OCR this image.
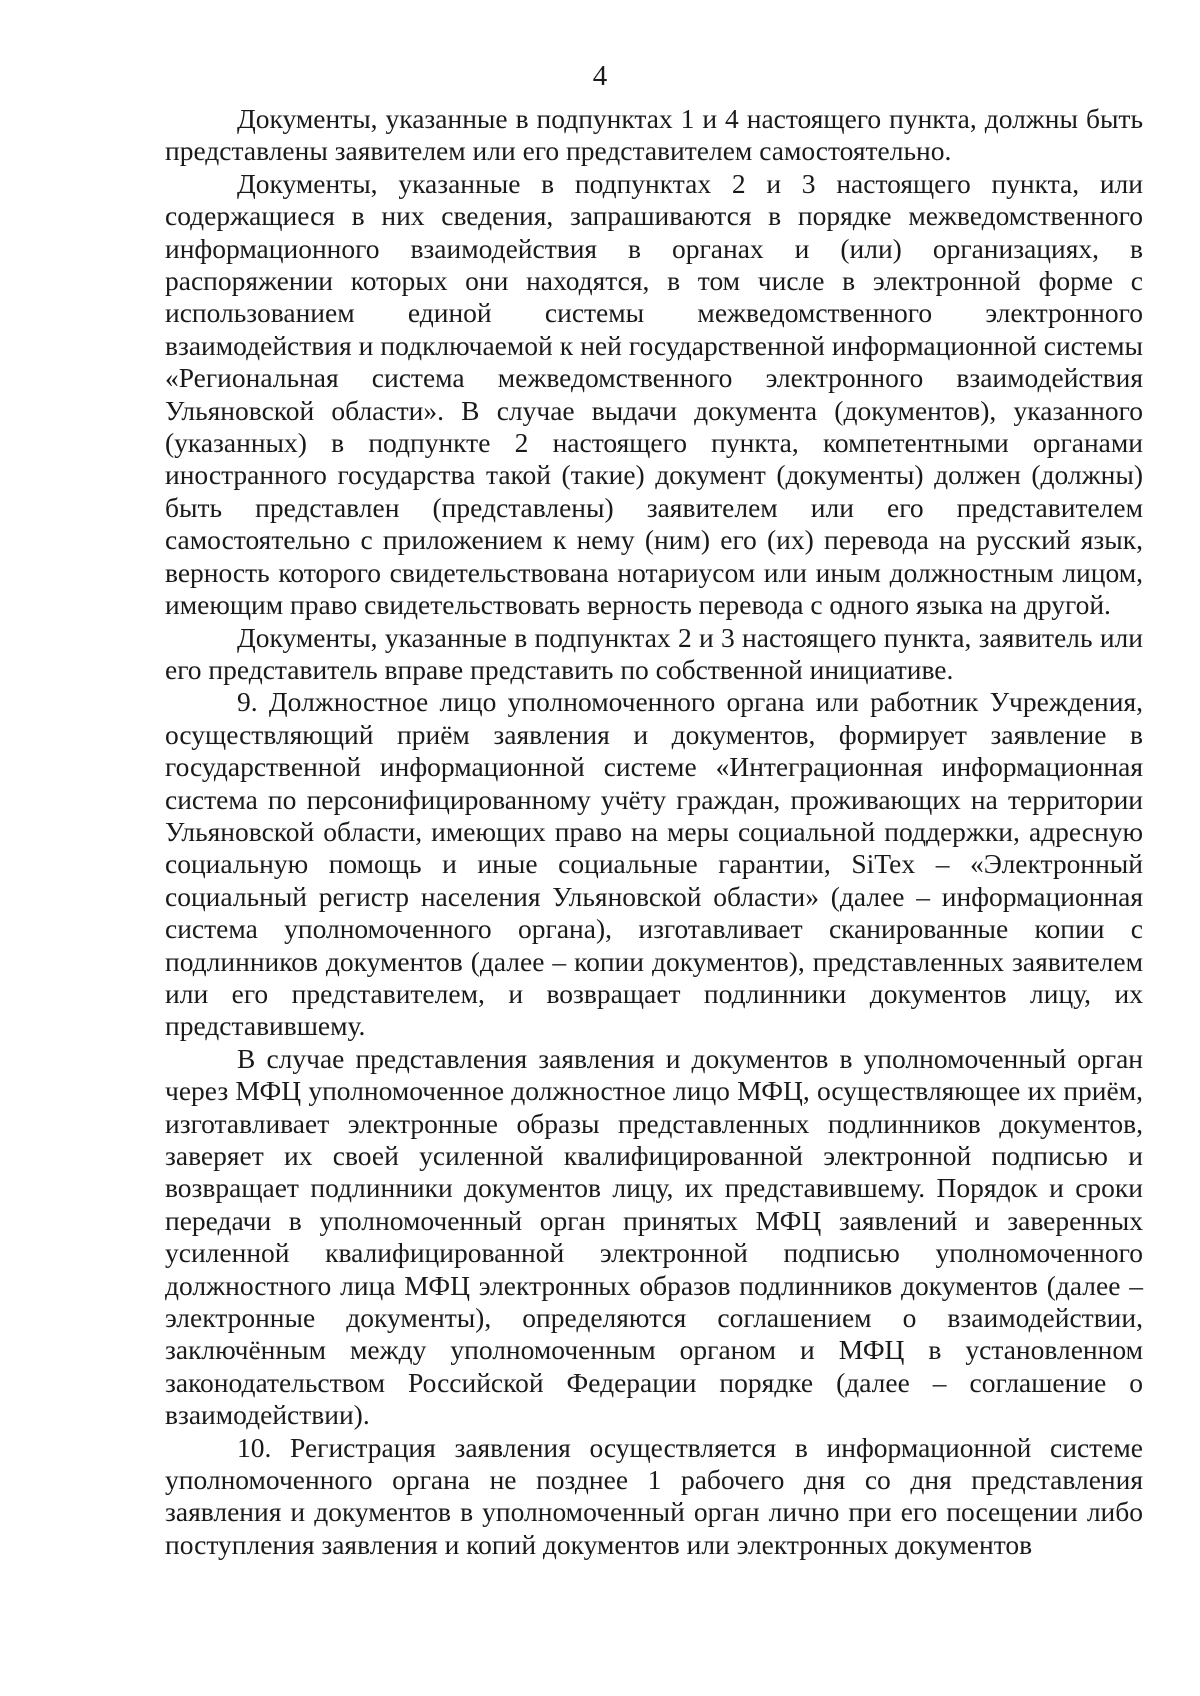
4

Документы, указанные в подпунктах 1 и 4 настоящего пункта, должны быть представлены заявителем или его представителем самостоятельно.

Документы, указанные в подпунктах 2 и 3 настоящего пункта, или содержащиеся в них сведения, запрашиваются в порядке межведомственного информационного взаимодействия в органах и (или) организациях, в распоряжении которых они находятся, в том числе в электронной форме с использованием единой системы межведомственного электронного взаимодействия и подключаемой к ней государственной информационной системы «Региональная система межведомственного электронного взаимодействия Ульяновской области». В случае выдачи документа (документов), указанного (указанных) в подпункте 2 настоящего пункта, компетентными органами иностранного государства такой (такие) документ (документы) должен (должны) быть представлен (представлены) заявителем или его представителем самостоятельно с приложением к нему (ним) его (их) перевода на русский язык, верность которого свидетельствована нотариусом или иным должностным лицом, имеющим право свидетельствовать верность перевода с одного языка на другой.

Документы, указанные в подпунктах 2 и 3 настоящего пункта, заявитель или его представитель вправе представить по собственной инициативе.

9. Должностное лицо уполномоченного органа или работник Учреждения, осуществляющий приём заявления и документов, формирует заявление в государственной информационной системе «Интеграционная информационная система по персонифицированному учёту граждан, проживающих на территории Ульяновской области, имеющих право на меры социальной поддержки, адресную социальную помощь и иные социальные гарантии, SiTex – «Электронный социальный регистр населения Ульяновской области» (далее – информационная система уполномоченного органа), изготавливает сканированные копии с подлинников документов (далее – копии документов), представленных заявителем или его представителем, и возвращает подлинники документов лицу, их представившему.

В случае представления заявления и документов в уполномоченный орган через МФЦ уполномоченное должностное лицо МФЦ, осуществляющее их приём, изготавливает электронные образы представленных подлинников документов, заверяет их своей усиленной квалифицированной электронной подписью и возвращает подлинники документов лицу, их представившему. Порядок и сроки передачи в уполномоченный орган принятых МФЦ заявлений и заверенных усиленной квалифицированной электронной подписью уполномоченного должностного лица МФЦ электронных образов подлинников документов (далее – электронные документы), определяются соглашением о взаимодействии, заключённым между уполномоченным органом и МФЦ в установленном законодательством Российской Федерации порядке (далее – соглашение о взаимодействии).

10. Регистрация заявления осуществляется в информационной системе уполномоченного органа не позднее 1 рабочего дня со дня представления заявления и документов в уполномоченный орган лично при его посещении либо поступления заявления и копий документов или электронных документов
